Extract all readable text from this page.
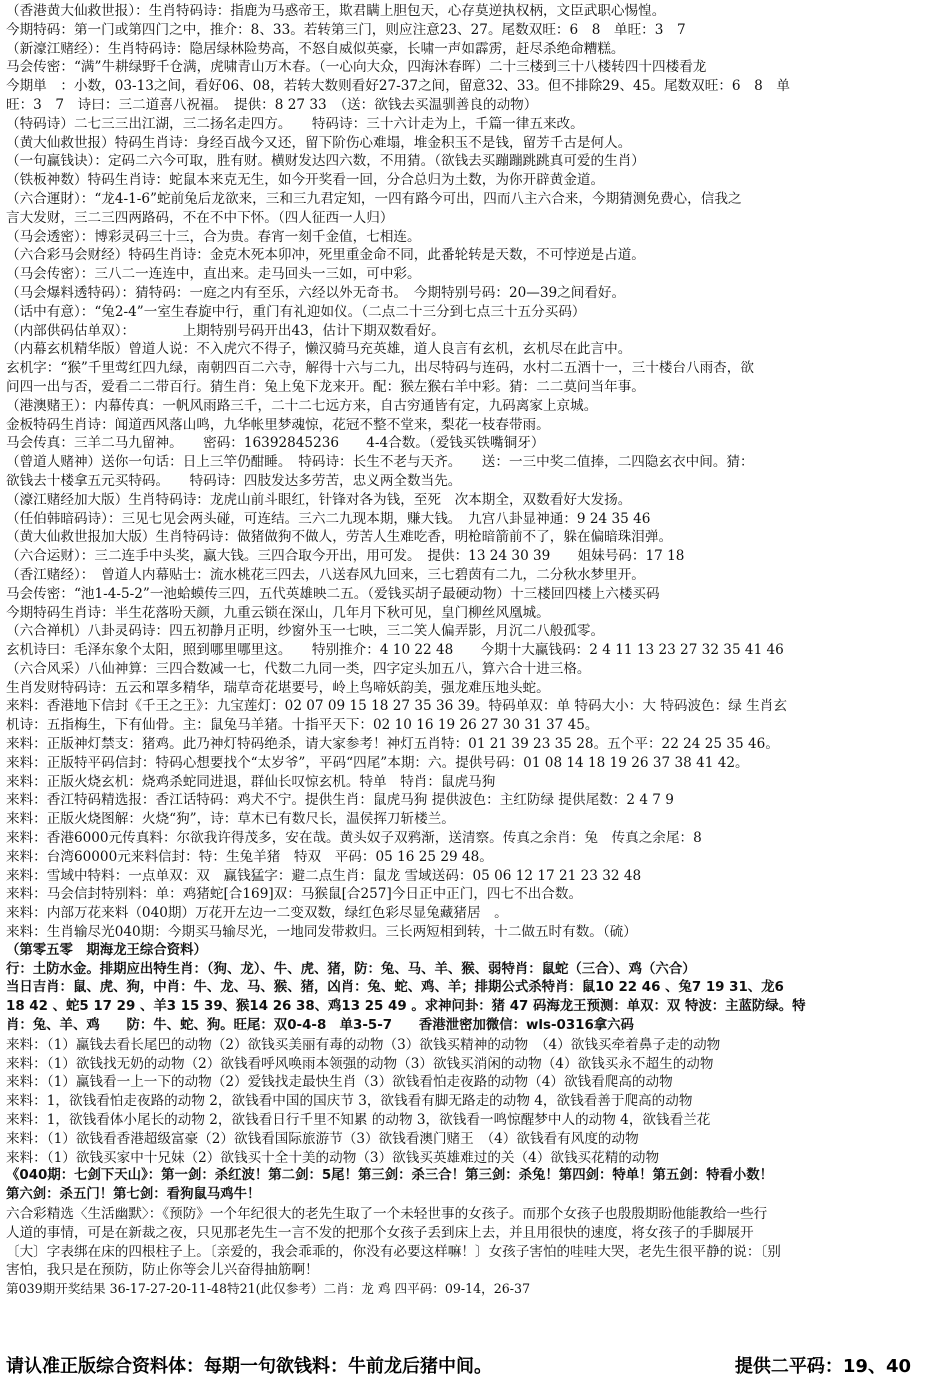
（香港黄大仙救世报）：生肖特码诗：指鹿为马惑帝王，欺君瞒上胆包天，心存莫逆执权柄，文臣武职心惕惶。
今期特码：第一门或第四门之中，推介：8、33。若转第三门，则应注意23、27。尾数双旺：6　8　单旺：3　7
（新濠江赌经）：生肖特码诗：隐居绿林险势高，不怒自威似英豪，长啸一声如霹雳，赶尽杀绝命糟糕。
马会传密：“满”牛耕绿野千仓满，虎啸青山万木春。（一心向大众，四海沐春晖）二十三楼到三十八楼转四十四楼看龙
今期単　：小数，03-13之间，看好06、08，若转大数则看好27-37之间，留意32、33。但不排除29、45。尾数双旺：6　8　单
旺：3　7　诗曰：三二道喜八祝福。　提供：8 27 33　（送：欲钱去买温驯善良的动物）
（特码诗）二七三三出江湖，三二扬名走四方。　　特码诗：三十六计走为上，千篇一律五来改。
（黄大仙救世报）特码生肖诗：身经百战今又还，留下阶伤心难塌，堆金积玉不是钱，留芳千古是何人。
（一句赢钱诀）：定码二六今可取，胜有财。横财发达四六数，不用猜。（欲钱去买蹦蹦跳跳真可爱的生肖）
（铁板神数）特码生肖诗：蛇鼠本来克无生，如今开奖看一回，分合总归为土数，为你开辟黄金道。
（六合運財）：“龙4-1-6”蛇前兔后龙欲来，三和三九君定知，一四有路今可出，四而八主六合来，今期猜测免费心，信我之
言大发财，三二三四两路码，不在不中下怀。（四人征西一人归）
（马会透密）：博彩灵码三十三，合为贵。春宵一刻千金值，七相连。
（六合彩马会财经）特码生肖诗：金克木死本卯冲，死里重金命不同，此番轮转是天数，不可悖逆是占道。
（马会传密）：三八二一连连中，直出来。走马回头一三如，可中彩。
（马会爆料透特码）：猜特码：一庭之内有至乐，六经以外无奇书。　今期特别号码：20—39之间看好。
（话中有意）：“兔2-4”一室生春旋中行，重门有礼迎如仪。（二点二十三分到七点三十五分买码）
（内部供码估单双）：　　　　上期特别号码开出43，估计下期双数看好。
（内幕玄机精华版）曾道人说：不入虎穴不得子，懒汉骑马充英雄，道人良言有玄机，玄机尽在此言中。
玄机字：“猴”千里莺红四九绿，南朝四百二六寺，解得十六与二九，出尽特码与连码，水村二五酒十一，三十楼台八雨杏，欲
问四一出与否，爱看二二带百行。猜生肖：兔上兔下龙来开。配：猴左猴右羊中彩。猜：二二莫问当年事。
（港澳赌王）：内幕传真：一帆风雨路三千，二十二七远方来，自古穷通皆有定，九码离家上京城。
金板特码生肖诗：闻道西风落山鸣，九华帐里梦魂惊，花冠不整不堂来，梨花一枝春带雨。
马会传真：三羊二马九留神。　　密码：16392845236　　4-4合数。（爱钱买铁嘴铜牙）
（曾道人赌神）送你一句话：日上三竿仍酣睡。　特码诗：长生不老与天齐。　　送：一三中奖二值捧，二四隐玄衣中间。猜：
欲钱去十楼拿五元买特码。　　特码诗：四肢发达多劳苦，忠义两全数当先。
（濠江赌经加大版）生肖特码诗：龙虎山前斗眼红，针锋对各为钱，至死　次本期全，双数看好大发扬。
（任伯韩暗码诗）：三见七见会两头碰，可连结。三六二九现本期，赚大钱。　九宫八卦显神通：9 24 35 46
（黄大仙救世报加大版）生肖特码诗：做猪做狗不做人，劳苦人生难吃香，明枪暗箭前不了，躲在偏暗珠泪弹。
（六合运财）：三二连手中头奖，赢大钱。三四合取今开出，用可发。　提供：13 24 30 39　　姐妹号码：17 18
（香江赌经）：　曾道人内幕贴士：流水桃花三四去，八送春风九回来，三七碧茵有二九，二分秋水梦里开。
马会传密：“池1-4-5-2”一池蛤蟆传三四，五代英雄映二五。（爱钱买胡子最硬动物）十三楼回四楼上六楼买码
今期特码生肖诗：半生花落吩天颜，九重云锁在深山，几年月下秋可见，皇门柳丝风凰城。
（六合禅机）八卦灵码诗：四五初静月正明，纱窗外玉一七映，三二笑人偏弄影，月沉二八般孤零。
玄机诗曰：毛泽东象个太阳，照到哪里哪里这。　　特别推介：4 10 22 48　　今期十大赢钱码：2 4 11 13 23 27 32 35 41 46
（六合风采）八仙神算：三四合数减一七，代数二九同一类，四字定头加五八，算六合十进三格。
生肖发财特码诗：五云和罩多精华，瑞草奇花堪要号，岭上鸟啼妖韵美，强龙难压地头蛇。
来料：香港地下信封《千王之王》：九宝莲灯：02 07 09 15 18 27 35 36 39。特码单双：单 特码大小：大 特码波色：绿 生肖玄
机诗：五指梅生，下有仙骨。主：鼠兔马羊猪。十指平天下：02 10 16 19 26 27 30 31 37 45。
来料：正版神灯禁支：猪鸡。此乃神灯特码绝杀，请大家参考！神灯五肖特：01 21 39 23 35 28。五个平：22 24 25 35 46。
来料：正版特平码信封：特码心想要找个“太岁爷”，平码“四尾”本期：六。提供号码：01 08 14 18 19 26 37 38 41 42。
来料：正版火烧玄机：烧鸡杀蛇同进退，群仙长叹惊玄机。特单　特肖：鼠虎马狗
来料：香江特码精选报：香江话特码：鸡犬不宁。提供生肖：鼠虎马狗 提供波色：主红防绿 提供尾数：2 4 7 9
来料：正版火烧图解：火烧“狗”，诗：草木已有数尺长，温侯挥刀斩楼兰。
来料：香港6000元传真料：尔欲我许得茂多，安在哉。黄头奴子双鸦渐，送清察。传真之余肖：兔　传真之余尾：8
来料：台湾60000元来料信封：特：生兔羊猪　特双　平码：05 16 25 29 48。
来料：雪域中特料：一点单双：双　赢钱猛字：避二点生肖：鼠龙 雪域送码：05 06 12 17 21 23 32 48
来料：马会信封特别料：单：鸡猪蛇[合169]双：马猴鼠[合257]今日正中正门，四七不出合数。
来料：内部万花来料（040期）万花开左边一二变双数，绿红色彩尽显兔藏猪居　。
来料：生肖输尽光040期：今期买马输尽光，一地同发带救归。三长两短相到转，十二做五时有数。（硫）
（第零五零　期海龙王综合资料）
行：土防水金。排期应出特生肖：（狗、龙）、牛、虎、猪，防：兔、马、羊、猴、弱特肖：鼠蛇（三合）、鸡（六合）
当日吉肖：鼠、虎、狗，中肖：牛、龙、马、猴、猪，凶肖：兔、蛇、鸡、羊；排期公式杀特肖：鼠10 22 46 、兔7 19 31、龙6
18 42 、蛇5 17 29 、羊3 15 39、猴14 26 38、鸡13 25 49 。求神问卦：猪 47 码海龙王预测：单双：双 特波：主蓝防绿。特
肖：兔、羊、鸡　　防：牛、蛇、狗。旺尾：双0-4-8　单3-5-7　　香港泄密加微信：wls-0316拿六码
来料：（1）赢钱去看长尾巴的动物（2）欲钱买美丽有毒的动物（3）欲钱买精神的动物　（4）欲钱买牵着鼻子走的动物
来料：（1）欲钱找无奶的动物（2）欲钱看呼风唤雨本领强的动物（3）欲钱买消闲的动物（4）欲钱买永不超生的动物
来料：（1）赢钱看一上一下的动物（2）爱钱找走最快生肖（3）欲钱看怕走夜路的动物（4）欲钱看爬高的动物
来料：1，欲钱看怕走夜路的动物 2，欲钱看中国的国庆节 3，欲钱看有脚无路走的动物 4，欲钱看善于爬高的动物
来料：1，欲钱看体小尾长的动物 2，欲钱看日行千里不知累 的动物 3，欲钱看一鸣惊醒梦中人的动物 4，欲钱看兰花
来料：（1）欲钱看香港超级富豪（2）欲钱看国际旅游节（3）欲钱看澳门赌王　（4）欲钱看有风度的动物
来料：（1）欲钱买家中十兄妹（2）欲钱买十全十美的动物（3）欲钱买英雄难过的关（4）欲钱买花精的动物
《040期：七剑下天山》：第一剑：杀红波！第二剑：5尾！第三剑：杀三合！第三剑：杀兔！第四剑：特单！第五剑：特看小数！
第六剑：杀五门！第七剑：看狗鼠马鸡牛！
六合彩精选〈生活幽默〉：《预防》一个年纪很大的老先生取了一个未轻世事的女孩子。而那个女孩子也殷殷期盼他能教给一些行
人道的事情，可是在新裁之夜，只见那老先生一言不发的把那个女孩子丢到床上去，并且用很快的速度，将女孩子的手脚展开
〔大〕字表绑在床的四根柱子上。〔亲爱的，我会乖乖的，你没有必要这样嘛！〕女孩子害怕的哇哇大哭，老先生很平静的说：〔别
害怕，我只是在预防，防止你等会儿兴奋得抽筋啊！
第039期开奖结果 36-17-27-20-11-48特21(此仅参考）二肖：龙 鸡 四平码：09-14，26-37
请认准正版综合资料体：每期一句欲钱料：牛前龙后猪中间。	提供二平码：19、40
